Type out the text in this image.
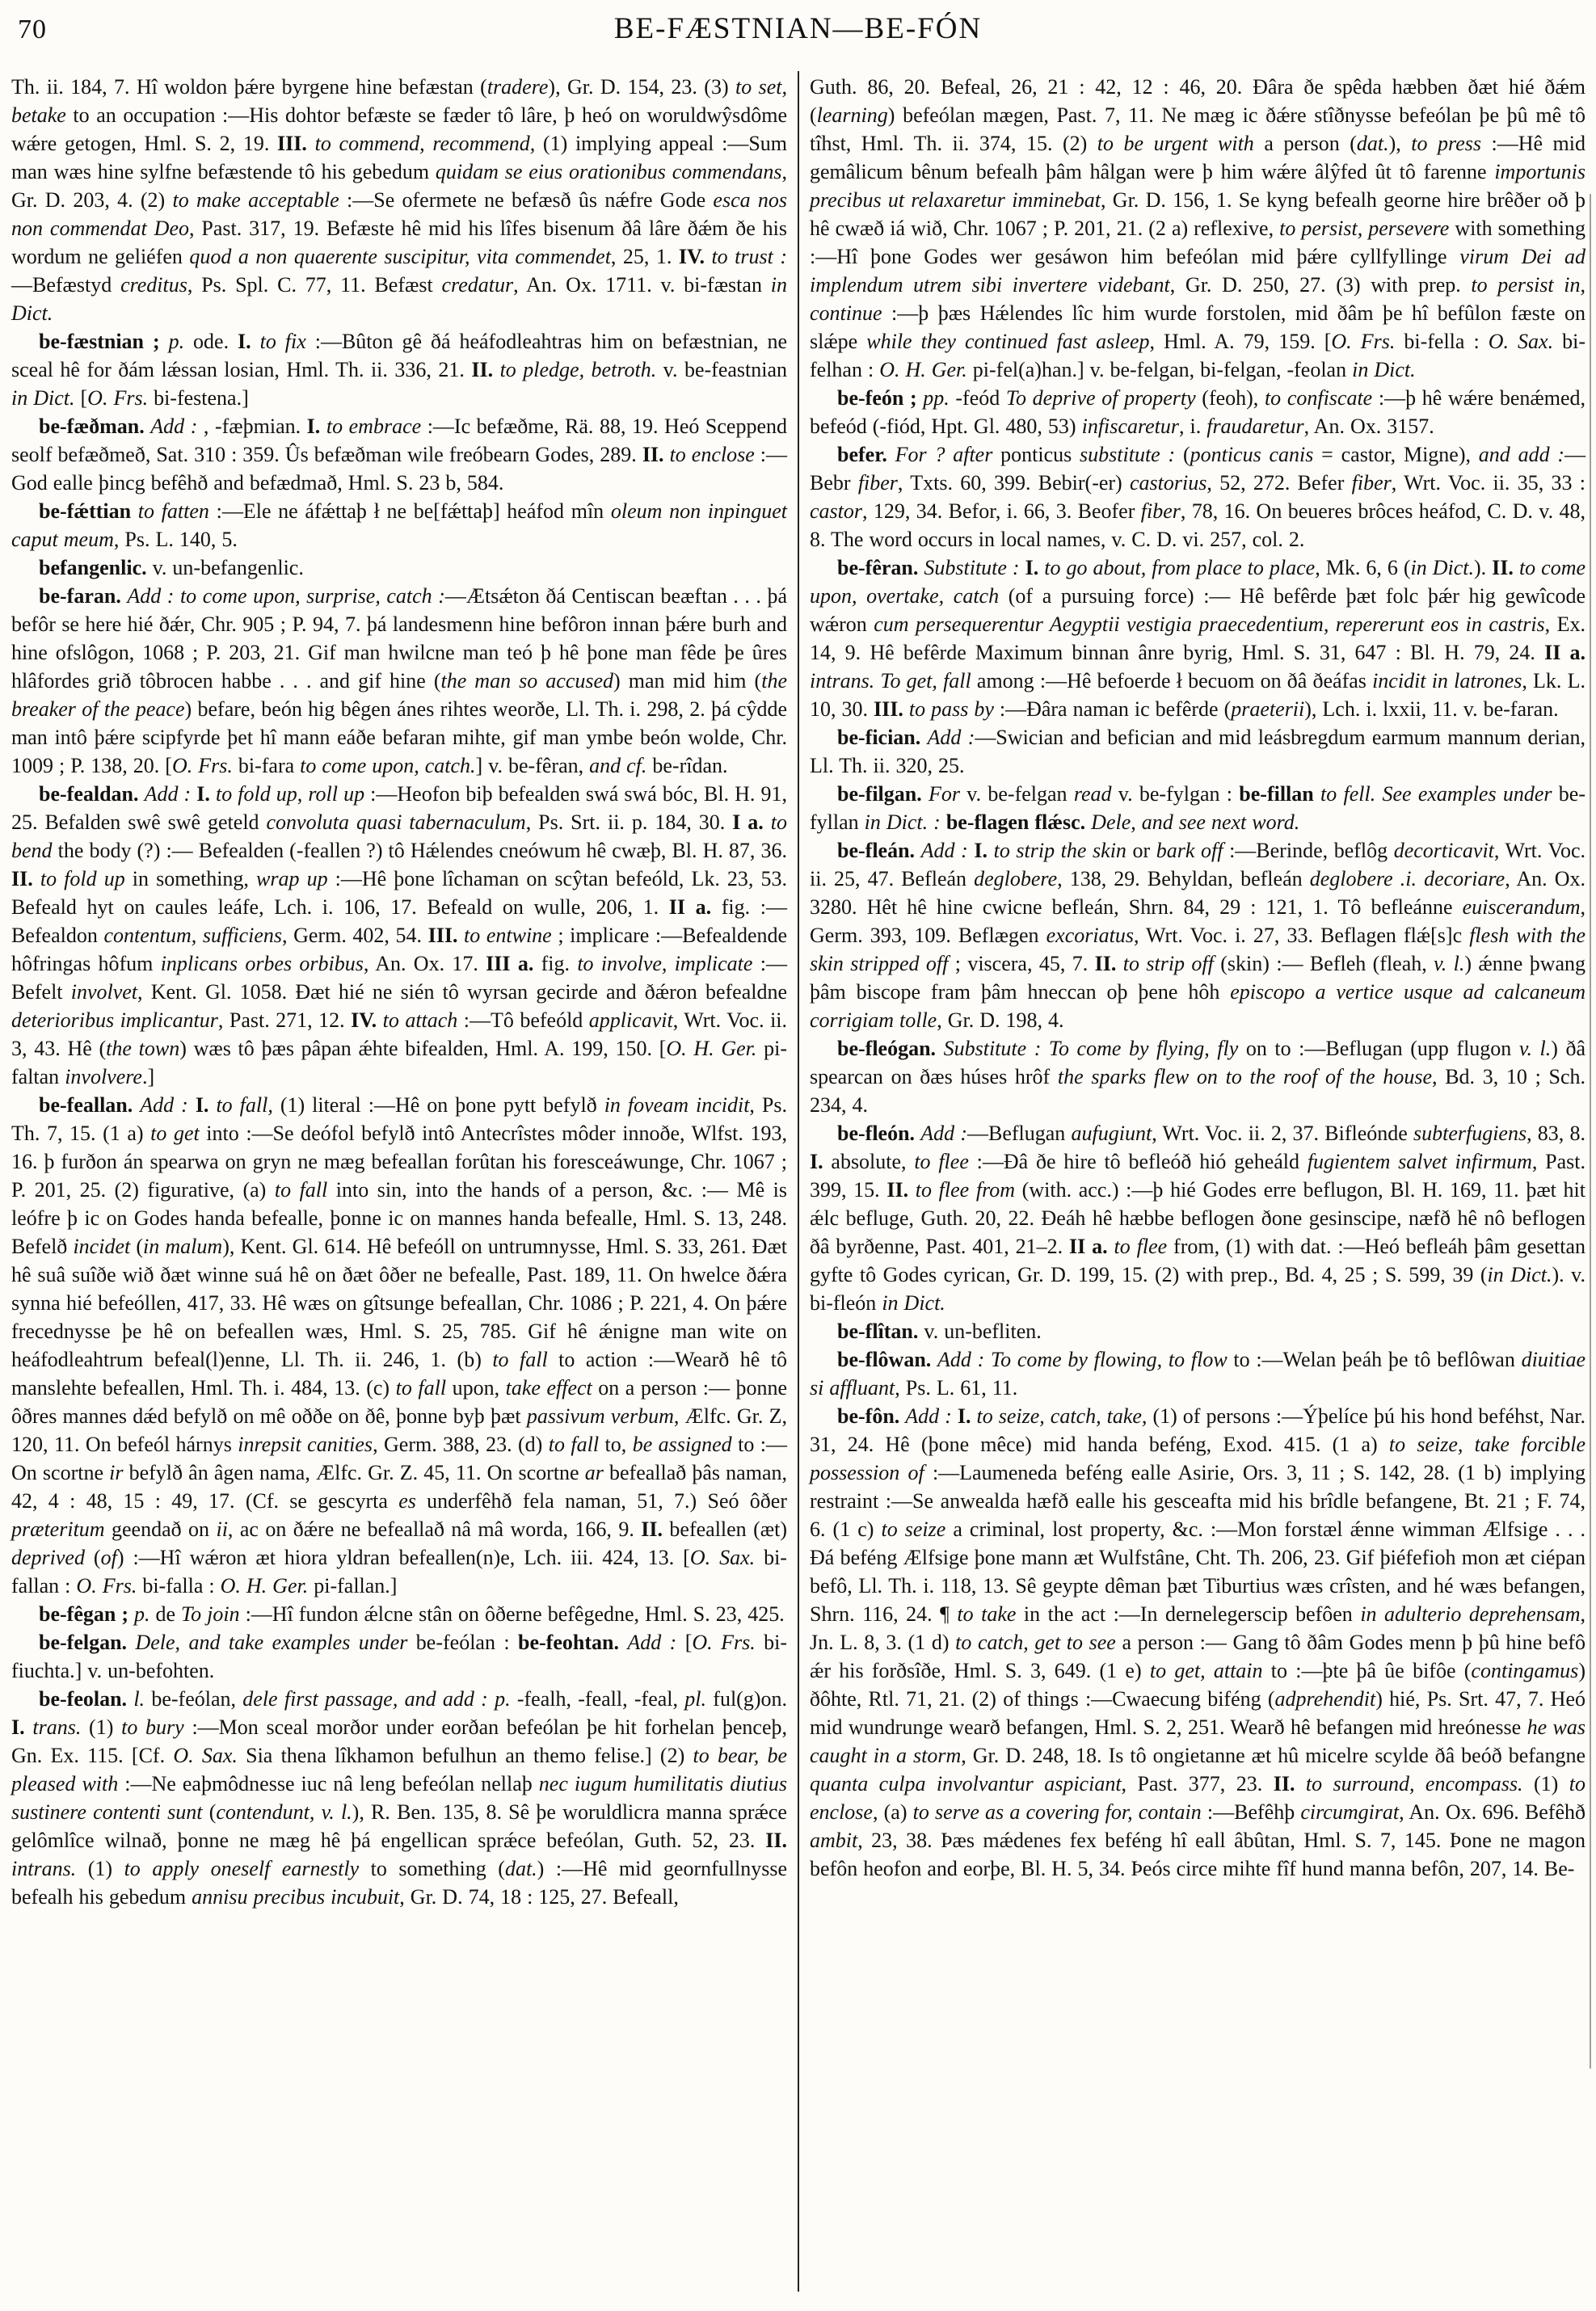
70	BE-FÆSTNIAN—BE-FÓN

Th. ii. 184, 7. Hî woldon þǽre byrgene hine befæstan (tradere), Gr. D. 154, 23. (3) to set, betake to an occupation :—His dohtor befæste se fæder tô lâre, þ heó on woruldwŷsdôme wǽre getogen, Hml. S. 2, 19. III. to commend, recommend, (1) implying appeal :—Sum man wæs hine sylfne befæstende tô his gebedum quidam se eius orationibus commendans, Gr. D. 203, 4. (2) to make acceptable :—Se ofermete ne befæsð ûs nǽfre Gode esca nos non commendat Deo, Past. 317, 19. Befæste hê mid his lîfes bisenum ðâ lâre ðǽm ðe his wordum ne geliéfen quod a non quaerente suscipitur, vita commendet, 25, 1. IV. to trust : —Befæstyd creditus, Ps. Spl. C. 77, 11. Befæst credatur, An. Ox. 1711. v. bi-fæstan in Dict.

be-fæstnian ; p. ode. I. to fix :—Bûton gê ðá heáfodleahtras him on befæstnian, ne sceal hê for ðám lǽssan losian, Hml. Th. ii. 336, 21. II. to pledge, betroth. v. be-feastnian in Dict. [O. Frs. bi-festena.]

be-fæðman. Add : , -fæþmian. I. to embrace :—Ic befæðme, Rä. 88, 19. Heó Sceppend seolf befæðmeð, Sat. 310 : 359. Ûs befæðman wile freóbearn Godes, 289. II. to enclose :—God ealle þincg befêhð and befædmað, Hml. S. 23 b, 584.

be-fǽttian to fatten :—Ele ne áfǽttaþ ł ne be[fǽttaþ] heáfod mîn oleum non inpinguet caput meum, Ps. L. 140, 5.

befangenlic. v. un-befangenlic.

be-faran. Add : to come upon, surprise, catch :—Ætsǽton ðá Centiscan beæftan . . . þá befôr se here hié ðǽr, Chr. 905 ; P. 94, 7. þá landesmenn hine befôron innan þǽre burh and hine ofslôgon, 1068 ; P. 203, 21. Gif man hwilcne man teó þ hê þone man fêde þe ûres hlâfordes grið tôbrocen habbe . . . and gif hine (the man so accused) man mid him (the breaker of the peace) befare, beón hig bêgen ánes rihtes weorðe, Ll. Th. i. 298, 2. þá cŷdde man intô þǽre scipfyrde þet hî mann eáðe befaran mihte, gif man ymbe beón wolde, Chr. 1009 ; P. 138, 20. [O. Frs. bi-fara to come upon, catch.] v. be-fêran, and cf. be-rîdan.

be-fealdan. Add : I. to fold up, roll up :—Heofon biþ befealden swá swá bóc, Bl. H. 91, 25. Befalden swê swê geteld convoluta quasi tabernaculum, Ps. Srt. ii. p. 184, 30. I a. to bend the body (?) :— Befealden (-feallen ?) tô Hǽlendes cneówum hê cwæþ, Bl. H. 87, 36. II. to fold up in something, wrap up :—Hê þone lîchaman on scŷtan befeóld, Lk. 23, 53. Befeald hyt on caules leáfe, Lch. i. 106, 17. Befeald on wulle, 206, 1. II a. fig. :—Befealdon contentum, sufficiens, Germ. 402, 54. III. to entwine ; implicare :—Befealdende hôfringas hôfum inplicans orbes orbibus, An. Ox. 17. III a. fig. to involve, implicate :—Befelt involvet, Kent. Gl. 1058. Ðæt hié ne sién tô wyrsan gecirde and ðǽron befealdne deterioribus implicantur, Past. 271, 12. IV. to attach :—Tô befeóld applicavit, Wrt. Voc. ii. 3, 43. Hê (the town) wæs tô þæs pâpan ǽhte bifealden, Hml. A. 199, 150. [O. H. Ger. pi-faltan involvere.]

be-feallan. Add : I. to fall, (1) literal :—Hê on þone pytt befylð in foveam incidit, Ps. Th. 7, 15. (1 a) to get into :—Se deófol befylð intô Antecrîstes môder innoðe, Wlfst. 193, 16. þ furðon án spearwa on gryn ne mæg befeallan forûtan his foresceáwunge, Chr. 1067 ; P. 201, 25. (2) figurative, (a) to fall into sin, into the hands of a person, &c. :— Mê is leófre þ ic on Godes handa befealle, þonne ic on mannes handa befealle, Hml. S. 13, 248. Befelð incidet (in malum), Kent. Gl. 614. Hê befeóll on untrumnysse, Hml. S. 33, 261. Ðæt hê suâ suîðe wið ðæt winne suá hê on ðæt ôðer ne befealle, Past. 189, 11. On hwelce ðǽra synna hié befeóllen, 417, 33. Hê wæs on gîtsunge befeallan, Chr. 1086 ; P. 221, 4. On þǽre frecednysse þe hê on befeallen wæs, Hml. S. 25, 785. Gif hê ǽnigne man wite on heáfodleahtrum befeal(l)enne, Ll. Th. ii. 246, 1. (b) to fall to action :—Wearð hê tô manslehte befeallen, Hml. Th. i. 484, 13. (c) to fall upon, take effect on a person :— þonne ôðres mannes dǽd befylð on mê oððe on ðê, þonne byþ þæt passivum verbum, Ælfc. Gr. Z, 120, 11. On befeól hárnys inrepsit canities, Germ. 388, 23. (d) to fall to, be assigned to :—On scortne ir befylð ân âgen nama, Ælfc. Gr. Z. 45, 11. On scortne ar befeallað þâs naman, 42, 4 : 48, 15 : 49, 17. (Cf. se gescyrta es underfêhð fela naman, 51, 7.) Seó ôðer præteritum geendað on ii, ac on ðǽre ne befeallað nâ mâ worda, 166, 9. II. befeallen (æt) deprived (of) :—Hî wǽron æt hiora yldran befeallen(n)e, Lch. iii. 424, 13. [O. Sax. bi-fallan : O. Frs. bi-falla : O. H. Ger. pi-fallan.]

be-fêgan ; p. de To join :—Hî fundon ǽlcne stân on ôðerne befêgedne, Hml. S. 23, 425.

be-felgan. Dele, and take examples under be-feólan : be-feohtan. Add : [O. Frs. bi-fiuchta.] v. un-befohten.

be-feolan. l. be-feólan, dele first passage, and add : p. -fealh, -feall, -feal, pl. ful(g)on. I. trans. (1) to bury :—Mon sceal morðor under eorðan befeólan þe hit forhelan þenceþ, Gn. Ex. 115. [Cf. O. Sax. Sia thena lîkhamon befulhun an themo felise.] (2) to bear, be pleased with :—Ne eaþmôdnesse iuc nâ leng befeólan nellaþ nec iugum humilitatis diutius sustinere contenti sunt (contendunt, v. l.), R. Ben. 135, 8. Sê þe woruldlicra manna sprǽce gelômlîce wilnað, þonne ne mæg hê þá engellican sprǽce befeólan, Guth. 52, 23. II. intrans. (1) to apply oneself earnestly to something (dat.) :—Hê mid geornfullnysse befealh his gebedum annisu precibus incubuit, Gr. D. 74, 18 : 125, 27. Befeall,

Guth. 86, 20. Befeal, 26, 21 : 42, 12 : 46, 20. Ðâra ðe spêda hæbben ðæt hié ðǽm (learning) befeólan mægen, Past. 7, 11. Ne mæg ic ðǽre stîðnysse befeólan þe þû mê tô tîhst, Hml. Th. ii. 374, 15. (2) to be urgent with a person (dat.), to press :—Hê mid gemâlicum bênum befealh þâm hâlgan were þ him wǽre âlŷfed ût tô farenne importunis precibus ut relaxaretur imminebat, Gr. D. 156, 1. Se kyng befealh georne hire brêðer oð þ hê cwæð iá wið, Chr. 1067 ; P. 201, 21. (2 a) reflexive, to persist, persevere with something :—Hî þone Godes wer gesáwon him befeólan mid þǽre cyllfyllinge virum Dei ad implendum utrem sibi invertere videbant, Gr. D. 250, 27. (3) with prep. to persist in, continue :—þ þæs Hǽlendes lîc him wurde forstolen, mid ðâm þe hî befûlon fæste on slǽpe while they continued fast asleep, Hml. A. 79, 159. [O. Frs. bi-fella : O. Sax. bi-felhan : O. H. Ger. pi-fel(a)han.] v. be-felgan, bi-felgan, -feolan in Dict.

be-feón ; pp. -feód To deprive of property (feoh), to confiscate :—þ hê wǽre benǽmed, befeód (-fiód, Hpt. Gl. 480, 53) infiscaretur, i. fraudaretur, An. Ox. 3157.

befer. For ? after ponticus substitute : (ponticus canis = castor, Migne), and add :—Bebr fiber, Txts. 60, 399. Bebir(-er) castorius, 52, 272. Befer fiber, Wrt. Voc. ii. 35, 33 : castor, 129, 34. Befor, i. 66, 3. Beofer fiber, 78, 16. On beueres brôces heáfod, C. D. v. 48, 8. The word occurs in local names, v. C. D. vi. 257, col. 2.

be-fêran. Substitute : I. to go about, from place to place, Mk. 6, 6 (in Dict.). II. to come upon, overtake, catch (of a pursuing force) :— Hê befêrde þæt folc þǽr hig gewîcode wǽron cum persequerentur Aegyptii vestigia praecedentium, repererunt eos in castris, Ex. 14, 9. Hê befêrde Maximum binnan ânre byrig, Hml. S. 31, 647 : Bl. H. 79, 24. II a. intrans. To get, fall among :—Hê befoerde ł becuom on ðâ ðeáfas incidit in latrones, Lk. L. 10, 30. III. to pass by :—Ðâra naman ic befêrde (praeterii), Lch. i. lxxii, 11. v. be-faran.

be-fician. Add :—Swician and befician and mid leásbregdum earmum mannum derian, Ll. Th. ii. 320, 25.

be-filgan. For v. be-felgan read v. be-fylgan : be-fillan to fell. See examples under be-fyllan in Dict. : be-flagen flǽsc. Dele, and see next word.

be-fleán. Add : I. to strip the skin or bark off :—Berinde, beflôg decorticavit, Wrt. Voc. ii. 25, 47. Befleán deglobere, 138, 29. Behyldan, befleán deglobere .i. decoriare, An. Ox. 3280. Hêt hê hine cwicne befleán, Shrn. 84, 29 : 121, 1. Tô befleánne euiscerandum, Germ. 393, 109. Beflægen excoriatus, Wrt. Voc. i. 27, 33. Beflagen flǽ[s]c flesh with the skin stripped off ; viscera, 45, 7. II. to strip off (skin) :— Befleh (fleah, v. l.) ǽnne þwang þâm biscope fram þâm hneccan oþ þene hôh episcopo a vertice usque ad calcaneum corrigiam tolle, Gr. D. 198, 4.

be-fleógan. Substitute : To come by flying, fly on to :—Beflugan (upp flugon v. l.) ðâ spearcan on ðæs húses hrôf the sparks flew on to the roof of the house, Bd. 3, 10 ; Sch. 234, 4.

be-fleón. Add :—Beflugan aufugiunt, Wrt. Voc. ii. 2, 37. Bifleónde subterfugiens, 83, 8. I. absolute, to flee :—Ðâ ðe hire tô befleóð hió geheáld fugientem salvet infirmum, Past. 399, 15. II. to flee from (with. acc.) :—þ hié Godes erre beflugon, Bl. H. 169, 11. þæt hit ǽlc befluge, Guth. 20, 22. Ðeáh hê hæbbe beflogen ðone gesinscipe, næfð hê nô beflogen ðâ byrðenne, Past. 401, 21–2. II a. to flee from, (1) with dat. :—Heó befleáh þâm gesettan gyfte tô Godes cyrican, Gr. D. 199, 15. (2) with prep., Bd. 4, 25 ; S. 599, 39 (in Dict.). v. bi-fleón in Dict.

be-flîtan. v. un-befliten.

be-flôwan. Add : To come by flowing, to flow to :—Welan þeáh þe tô beflôwan diuitiae si affluant, Ps. L. 61, 11.

be-fôn. Add : I. to seize, catch, take, (1) of persons :—Ýþelíce þú his hond beféhst, Nar. 31, 24. Hê (þone mêce) mid handa beféng, Exod. 415. (1 a) to seize, take forcible possession of :—Laumeneda beféng ealle Asirie, Ors. 3, 11 ; S. 142, 28. (1 b) implying restraint :—Se anwealda hæfð ealle his gesceafta mid his brîdle befangene, Bt. 21 ; F. 74, 6. (1 c) to seize a criminal, lost property, &c. :—Mon forstæl ǽnne wimman Ælfsige . . . Ðá beféng Ælfsige þone mann æt Wulfstâne, Cht. Th. 206, 23. Gif þiéfefioh mon æt ciépan befô, Ll. Th. i. 118, 13. Sê geypte dêman þæt Tiburtius wæs crîsten, and hé wæs befangen, Shrn. 116, 24. ¶ to take in the act :—In dernelegerscip befôen in adulterio deprehensam, Jn. L. 8, 3. (1 d) to catch, get to see a person :— Gang tô ðâm Godes menn þ þû hine befô ǽr his forðsîðe, Hml. S. 3, 649. (1 e) to get, attain to :—þte þâ ûe bifôe (contingamus) ðôhte, Rtl. 71, 21. (2) of things :—Cwaecung biféng (adprehendit) hié, Ps. Srt. 47, 7. Heó mid wundrunge wearð befangen, Hml. S. 2, 251. Wearð hê befangen mid hreónesse he was caught in a storm, Gr. D. 248, 18. Is tô ongietanne æt hû micelre scylde ðâ beóð befangne quanta culpa involvantur aspiciant, Past. 377, 23. II. to surround, encompass. (1) to enclose, (a) to serve as a covering for, contain :—Befêhþ circumgirat, An. Ox. 696. Befêhð ambit, 23, 38. Þæs mǽdenes fex beféng hî eall âbûtan, Hml. S. 7, 145. Þone ne magon befôn heofon and eorþe, Bl. H. 5, 34. Þeós circe mihte fîf hund manna befôn, 207, 14. Be-
